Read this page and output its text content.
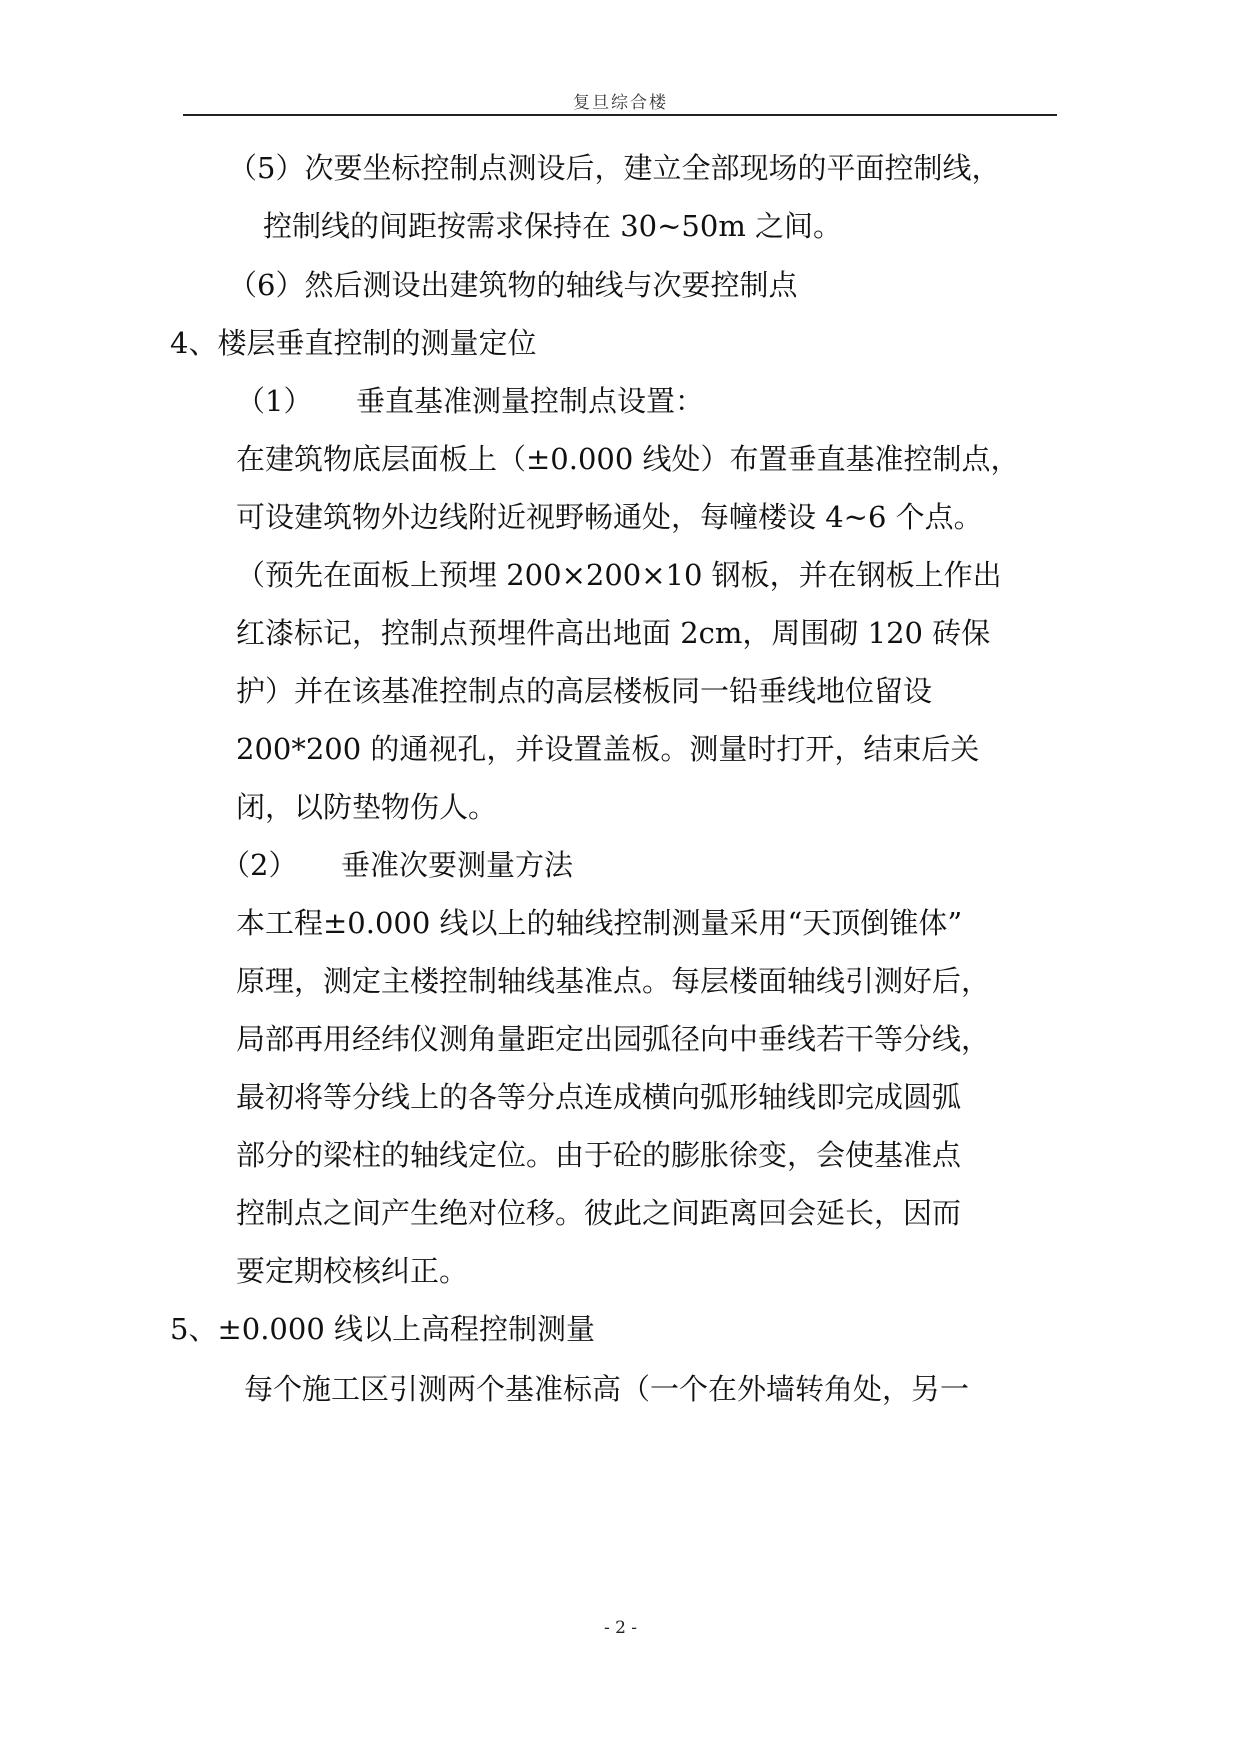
复旦综合楼
（5）次要坐标控制点测设后，建立全部现场的平面控制线，
控制线的间距按需求保持在 30~50m 之间。
（6）然后测设出建筑物的轴线与次要控制点
4、楼层垂直控制的测量定位
（1）　　垂直基准测量控制点设置：
在建筑物底层面板上（±0.000 线处）布置垂直基准控制点，
可设建筑物外边线附近视野畅通处，每幢楼设 4~6 个点。
（预先在面板上预埋 200×200×10 钢板，并在钢板上作出
红漆标记，控制点预埋件高出地面 2cm，周围砌 120 砖保
护）并在该基准控制点的高层楼板同一铅垂线地位留设
200*200 的通视孔，并设置盖板。测量时打开，结束后关
闭，以防垫物伤人。
（2）　　垂准次要测量方法
本工程±0.000 线以上的轴线控制测量采用“天顶倒锥体”
原理，测定主楼控制轴线基准点。每层楼面轴线引测好后，
局部再用经纬仪测角量距定出园弧径向中垂线若干等分线，
最初将等分线上的各等分点连成横向弧形轴线即完成圆弧
部分的梁柱的轴线定位。由于砼的膨胀徐变，会使基准点
控制点之间产生绝对位移。彼此之间距离回会延长，因而
要定期校核纠正。
5、±0.000 线以上高程控制测量
每个施工区引测两个基准标高（一个在外墙转角处，另一
- 2 -
